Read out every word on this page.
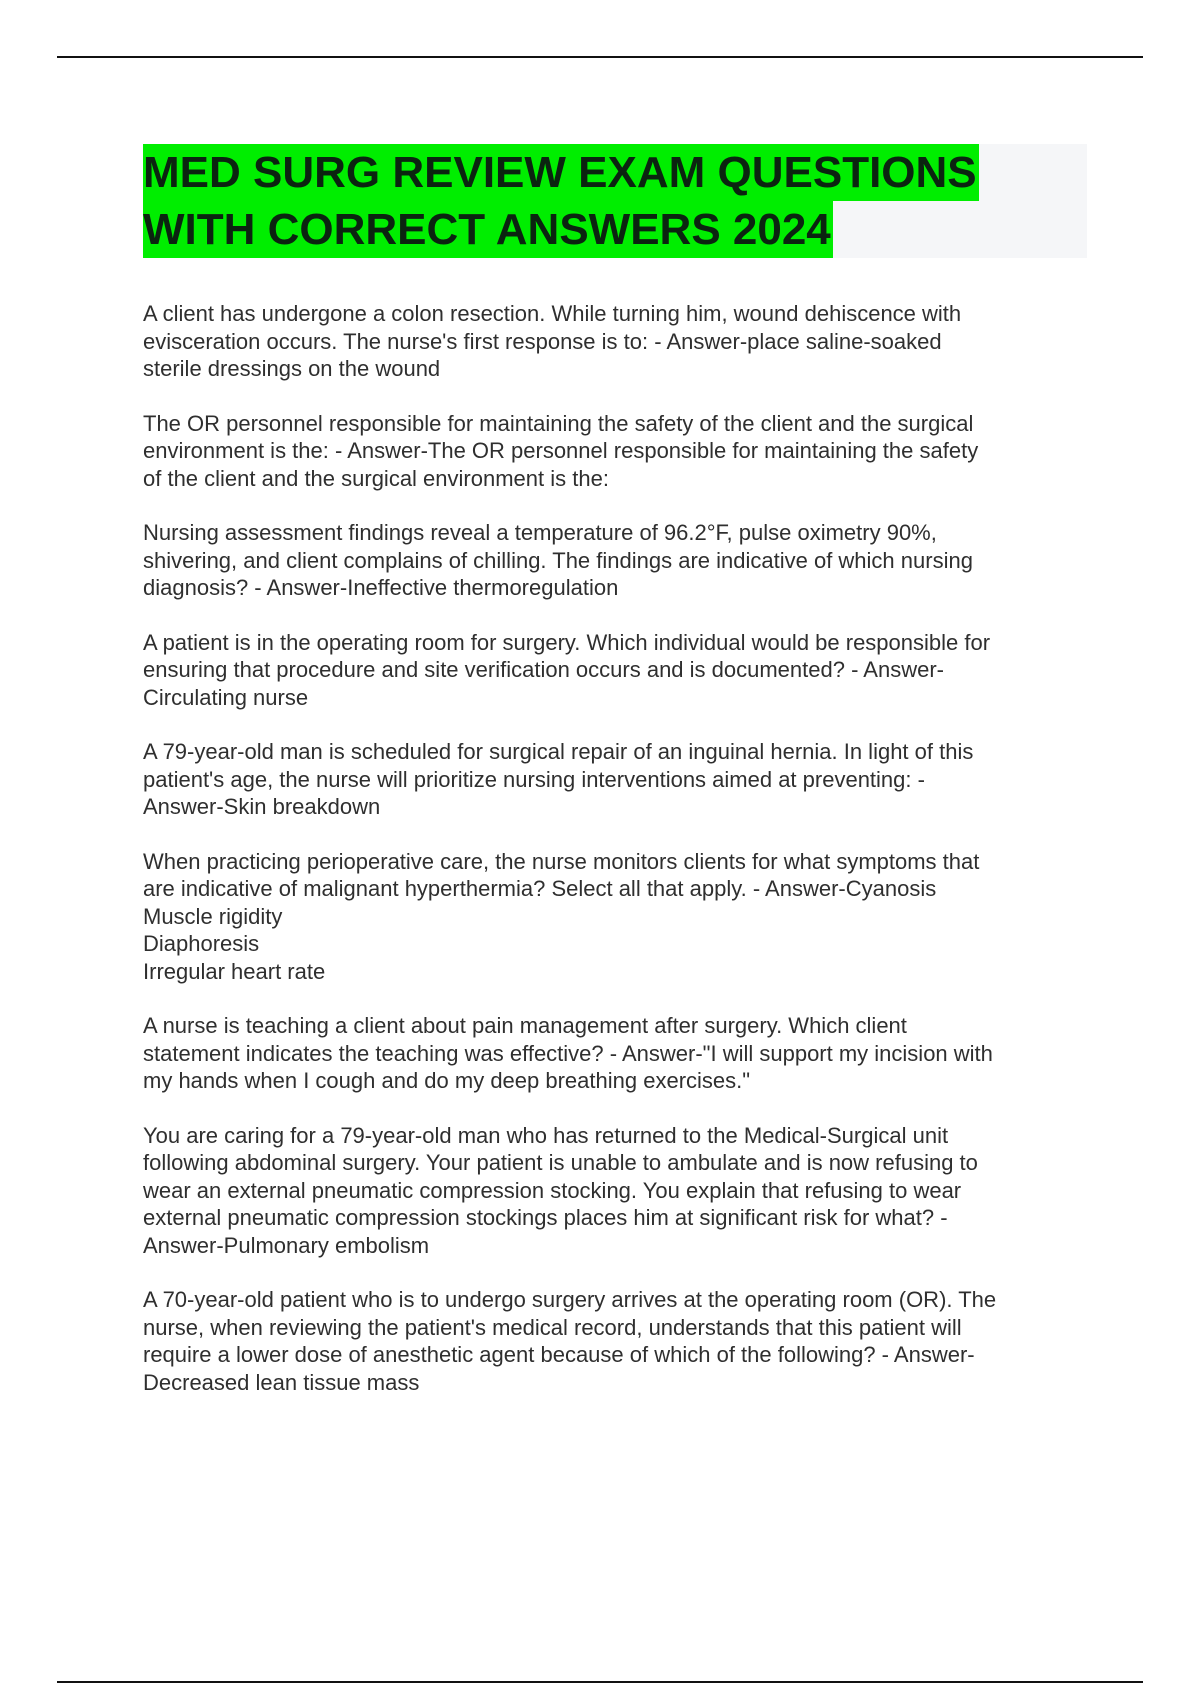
MED SURG REVIEW EXAM QUESTIONS
WITH CORRECT ANSWERS 2024

A client has undergone a colon resection. While turning him, wound dehiscence with
evisceration occurs. The nurse's first response is to: - Answer-place saline-soaked
sterile dressings on the wound

The OR personnel responsible for maintaining the safety of the client and the surgical
environment is the: - Answer-The OR personnel responsible for maintaining the safety
of the client and the surgical environment is the:

Nursing assessment findings reveal a temperature of 96.2°F, pulse oximetry 90%,
shivering, and client complains of chilling. The findings are indicative of which nursing
diagnosis? - Answer-Ineffective thermoregulation

A patient is in the operating room for surgery. Which individual would be responsible for
ensuring that procedure and site verification occurs and is documented? - Answer-
Circulating nurse

A 79-year-old man is scheduled for surgical repair of an inguinal hernia. In light of this
patient's age, the nurse will prioritize nursing interventions aimed at preventing: -
Answer-Skin breakdown

When practicing perioperative care, the nurse monitors clients for what symptoms that
are indicative of malignant hyperthermia? Select all that apply. - Answer-Cyanosis
Muscle rigidity
Diaphoresis
Irregular heart rate

A nurse is teaching a client about pain management after surgery. Which client
statement indicates the teaching was effective? - Answer-"I will support my incision with
my hands when I cough and do my deep breathing exercises."

You are caring for a 79-year-old man who has returned to the Medical-Surgical unit
following abdominal surgery. Your patient is unable to ambulate and is now refusing to
wear an external pneumatic compression stocking. You explain that refusing to wear
external pneumatic compression stockings places him at significant risk for what? -
Answer-Pulmonary embolism

A 70-year-old patient who is to undergo surgery arrives at the operating room (OR). The
nurse, when reviewing the patient's medical record, understands that this patient will
require a lower dose of anesthetic agent because of which of the following? - Answer-
Decreased lean tissue mass
